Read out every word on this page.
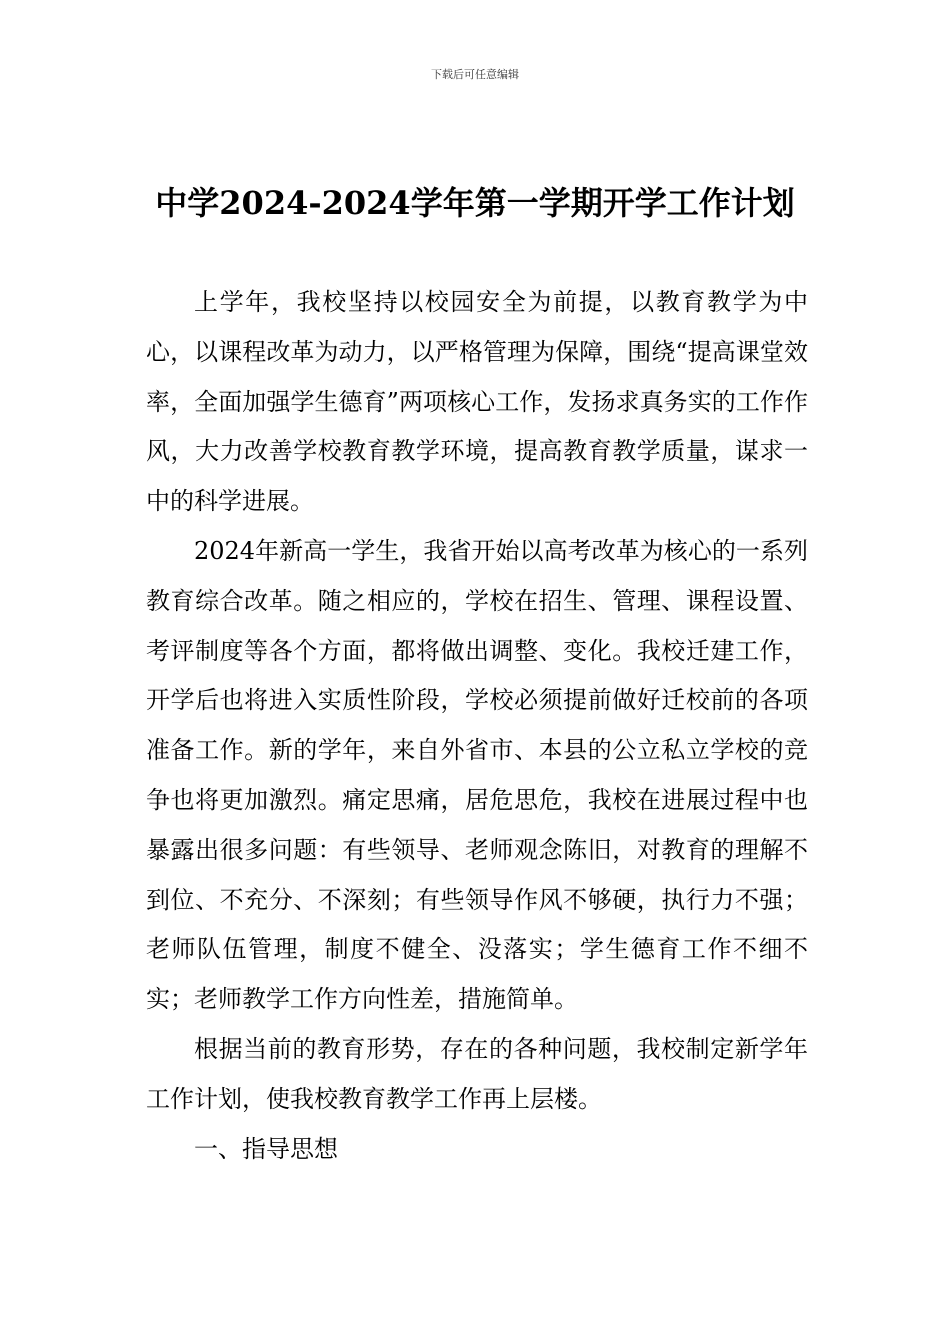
下载后可任意编辑
中学2024-2024学年第一学期开学工作计划

上学年，我校坚持以校园安全为前提，以教育教学为中心，以课程改革为动力，以严格管理为保障，围绕“提高课堂效率，全面加强学生德育”两项核心工作，发扬求真务实的工作作风，大力改善学校教育教学环境，提高教育教学质量，谋求一中的科学进展。

2024年新高一学生，我省开始以高考改革为核心的一系列教育综合改革。随之相应的，学校在招生、管理、课程设置、考评制度等各个方面，都将做出调整、变化。我校迁建工作，开学后也将进入实质性阶段，学校必须提前做好迁校前的各项准备工作。新的学年，来自外省市、本县的公立私立学校的竞争也将更加激烈。痛定思痛，居危思危，我校在进展过程中也暴露出很多问题：有些领导、老师观念陈旧，对教育的理解不到位、不充分、不深刻；有些领导作风不够硬，执行力不强；老师队伍管理，制度不健全、没落实；学生德育工作不细不实；老师教学工作方向性差，措施简单。

根据当前的教育形势，存在的各种问题，我校制定新学年工作计划，使我校教育教学工作再上层楼。

一、指导思想
